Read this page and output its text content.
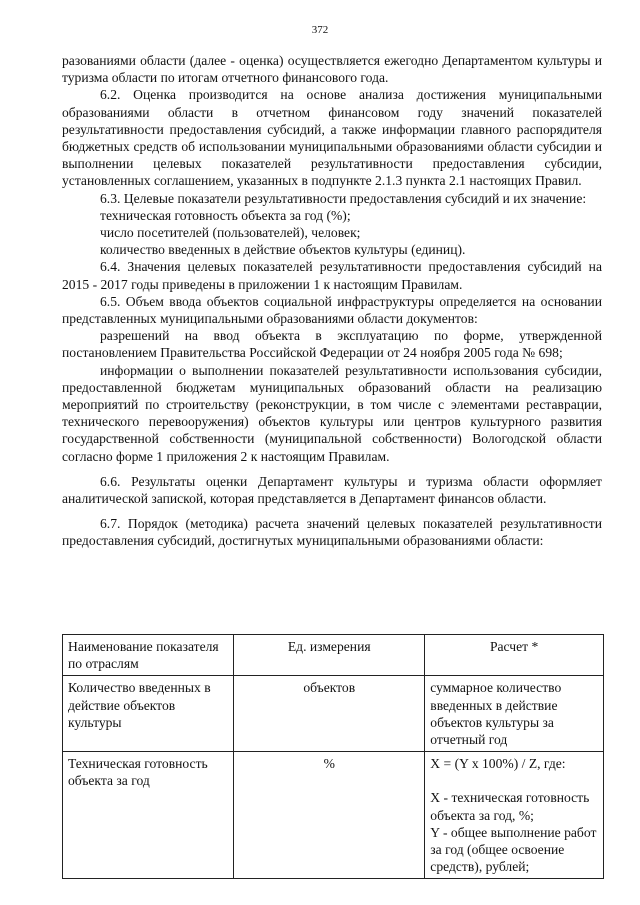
372

разованиями области (далее - оценка) осуществляется ежегодно Департаментом культуры и туризма области по итогам отчетного финансового года.

6.2. Оценка производится на основе анализа достижения муниципальными образованиями области в отчетном финансовом году значений показателей результативности предоставления субсидий, а также информации главного распорядителя бюджетных средств об использовании муниципальными образованиями области субсидии и выполнении целевых показателей результативности предоставления субсидии, установленных соглашением, указанных в подпункте 2.1.3 пункта 2.1 настоящих Правил.

6.3. Целевые показатели результативности предоставления субсидий и их значение:

техническая готовность объекта за год (%);

число посетителей (пользователей), человек;

количество введенных в действие объектов культуры (единиц).

6.4. Значения целевых показателей результативности предоставления субсидий на 2015 - 2017 годы приведены в приложении 1 к настоящим Правилам.

6.5. Объем ввода объектов социальной инфраструктуры определяется на основании представленных муниципальными образованиями области документов:

разрешений на ввод объекта в эксплуатацию по форме, утвержденной постановлением Правительства Российской Федерации от 24 ноября 2005 года № 698;

информации о выполнении показателей результативности использования субсидии, предоставленной бюджетам муниципальных образований области на реализацию мероприятий по строительству (реконструкции, в том числе с элементами реставрации, технического перевооружения) объектов культуры или центров культурного развития государственной собственности (муниципальной собственности) Вологодской области согласно форме 1 приложения 2 к настоящим Правилам.

6.6. Результаты оценки Департамент культуры и туризма области оформляет аналитической запиской, которая представляется в Департамент финансов области.

6.7. Порядок (методика) расчета значений целевых показателей результативности предоставления субсидий, достигнутых муниципальными образованиями области:

Наименование показателя по отраслям	Ед. измерения	Расчет *
Количество введенных в действие объектов культуры	объектов	суммарное количество введенных в действие объектов культуры за отчетный год
Техническая готовность объекта за год	%	X = (Y x 100%) / Z, где:
X - техническая готовность объекта за год, %;
Y - общее выполнение работ за год (общее освоение средств), рублей;
